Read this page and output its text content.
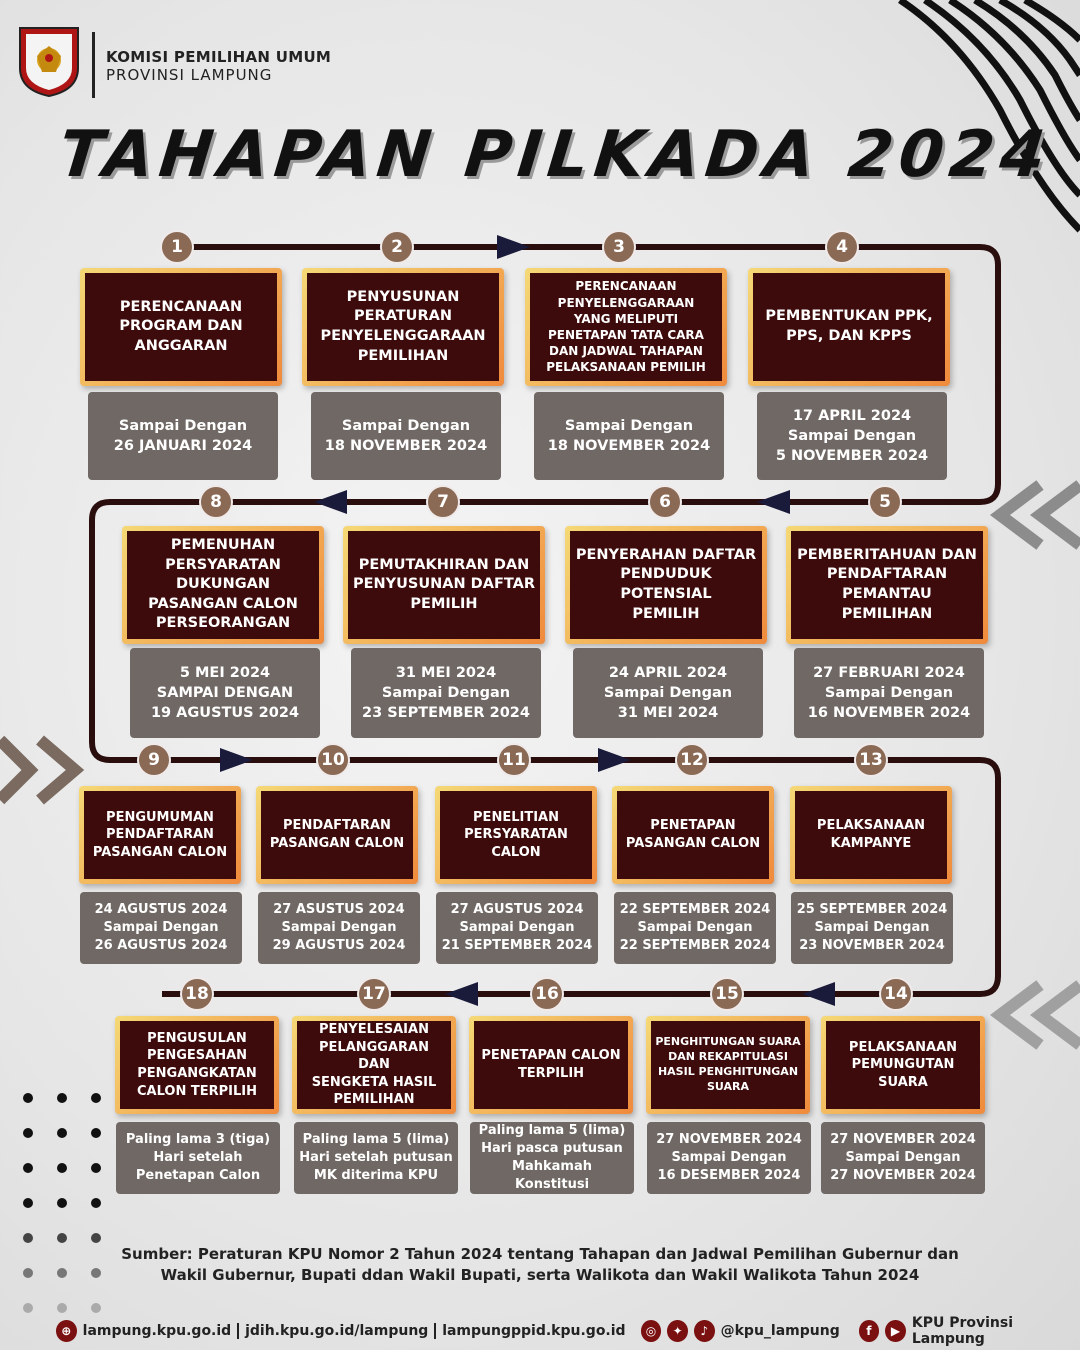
KOMISI PEMILIHAN UMUM
PROVINSI LAMPUNG
TAHAPAN PILKADA 2024
1
PERENCANAAN
PROGRAM DAN
ANGGARAN
Sampai Dengan
26 JANUARI 2024
2
PENYUSUNAN
PERATURAN
PENYELENGGARAAN
PEMILIHAN
Sampai Dengan
18 NOVEMBER 2024
3
PERENCANAAN
PENYELENGGARAAN
YANG MELIPUTI
PENETAPAN TATA CARA
DAN JADWAL TAHAPAN
PELAKSANAAN PEMILIH
Sampai Dengan
18 NOVEMBER 2024
4
PEMBENTUKAN PPK,
PPS, DAN KPPS
17 APRIL 2024
Sampai Dengan
5 NOVEMBER 2024
5
PEMBERITAHUAN DAN
PENDAFTARAN
PEMANTAU PEMILIHAN
27 FEBRUARI 2024
Sampai Dengan
16 NOVEMBER 2024
6
PENYERAHAN DAFTAR
PENDUDUK POTENSIAL
PEMILIH
24 APRIL 2024
Sampai Dengan
31 MEI 2024
7
PEMUTAKHIRAN DAN
PENYUSUNAN DAFTAR
PEMILIH
31 MEI 2024
Sampai Dengan
23 SEPTEMBER 2024
8
PEMENUHAN
PERSYARATAN
DUKUNGAN
PASANGAN CALON
PERSEORANGAN
5 MEI 2024
SAMPAI DENGAN
19 AGUSTUS 2024
9
PENGUMUMAN
PENDAFTARAN
PASANGAN CALON
24 AGUSTUS 2024
Sampai Dengan
26 AGUSTUS 2024
10
PENDAFTARAN
PASANGAN CALON
27 ASUSTUS 2024
Sampai Dengan
29 AGUSTUS 2024
11
PENELITIAN
PERSYARATAN
CALON
27 AGUSTUS 2024
Sampai Dengan
21 SEPTEMBER 2024
12
PENETAPAN
PASANGAN CALON
22 SEPTEMBER 2024
Sampai Dengan
22 SEPTEMBER 2024
13
PELAKSANAAN
KAMPANYE
25 SEPTEMBER 2024
Sampai Dengan
23 NOVEMBER 2024
14
PELAKSANAAN
PEMUNGUTAN SUARA
27 NOVEMBER 2024
Sampai Dengan
27 NOVEMBER 2024
15
PENGHITUNGAN SUARA
DAN REKAPITULASI
HASIL PENGHITUNGAN
SUARA
27 NOVEMBER 2024
Sampai Dengan
16 DESEMBER 2024
16
PENETAPAN CALON
TERPILIH
Paling lama 5 (lima)
Hari pasca putusan
Mahkamah Konstitusi
17
PENYELESAIAN
PELANGGARAN DAN
SENGKETA HASIL
PEMILIHAN
Paling lama 5 (lima)
Hari setelah putusan
MK diterima KPU
18
PENGUSULAN
PENGESAHAN
PENGANGKATAN
CALON TERPILIH
Paling lama 3 (tiga)
Hari setelah
Penetapan Calon
Sumber: Peraturan KPU Nomor 2 Tahun 2024 tentang Tahapan dan Jadwal Pemilihan Gubernur dan
Wakil Gubernur, Bupati ddan Wakil Bupati, serta Walikota dan Wakil Walikota Tahun 2024
⊕ lampung.kpu.go.id jdih.kpu.go.id/lampung lampungppid.kpu.go.id	◎	✦	♪ @kpu_lampung	f	▶ KPU Provinsi Lampung
